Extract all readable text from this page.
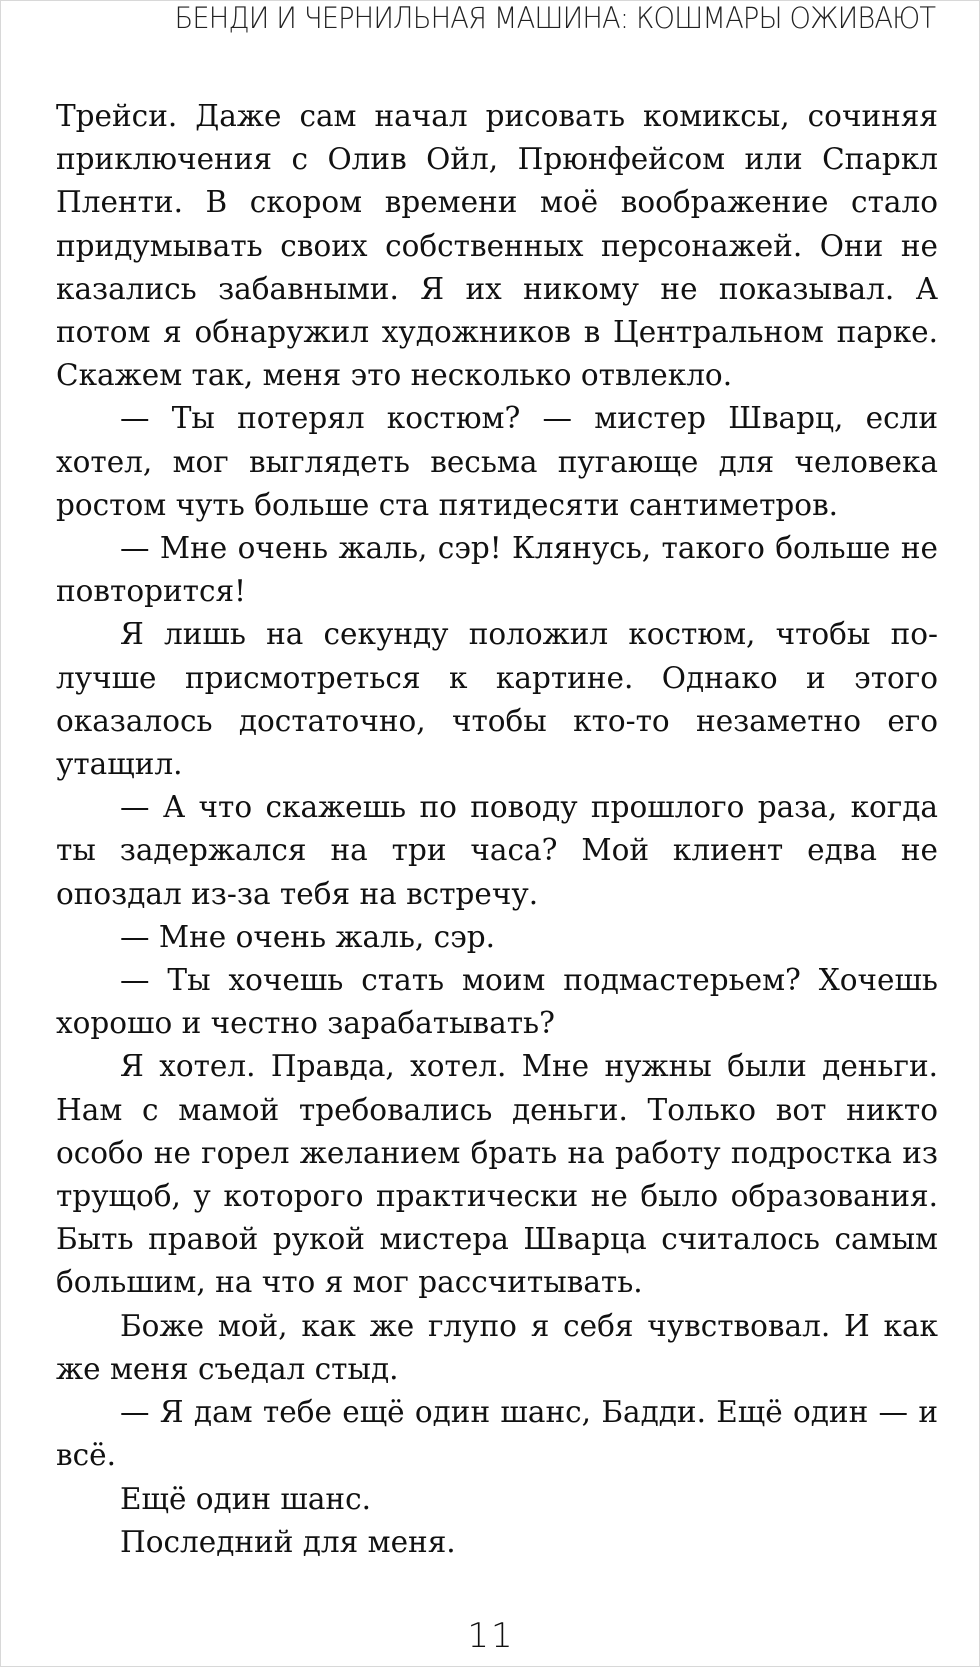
БЕНДИ И ЧЕРНИЛЬНАЯ МАШИНА: КОШМАРЫ ОЖИВАЮТ

Трейси. Даже сам начал рисовать комиксы, сочиняя приключения с Олив Ойл, Прюнфейсом или Спаркл Пленти. В скором времени моё воображение стало придумывать своих собственных персонажей. Они не казались забавными. Я их никому не показывал. А потом я обнаружил художников в Центральном парке. Скажем так, меня это несколько отвлекло.

— Ты потерял костюм? — мистер Шварц, если хотел, мог выглядеть весьма пугающе для человека ростом чуть больше ста пятидесяти сантиметров.

— Мне очень жаль, сэр! Клянусь, такого больше не повторится!

Я лишь на секунду положил костюм, чтобы получше присмотреться к картине. Однако и этого оказалось достаточно, чтобы кто-то незаметно его утащил.

— А что скажешь по поводу прошлого раза, когда ты задержался на три часа? Мой клиент едва не опоздал из-за тебя на встречу.

— Мне очень жаль, сэр.

— Ты хочешь стать моим подмастерьем? Хочешь хорошо и честно зарабатывать?

Я хотел. Правда, хотел. Мне нужны были деньги. Нам с мамой требовались деньги. Только вот никто особо не горел желанием брать на работу подростка из трущоб, у которого практически не было образования. Быть правой рукой мистера Шварца считалось самым большим, на что я мог рассчитывать.

Боже мой, как же глупо я себя чувствовал. И как же меня съедал стыд.

— Я дам тебе ещё один шанс, Бадди. Ещё один — и всё.

Ещё один шанс.

Последний для меня.

11
